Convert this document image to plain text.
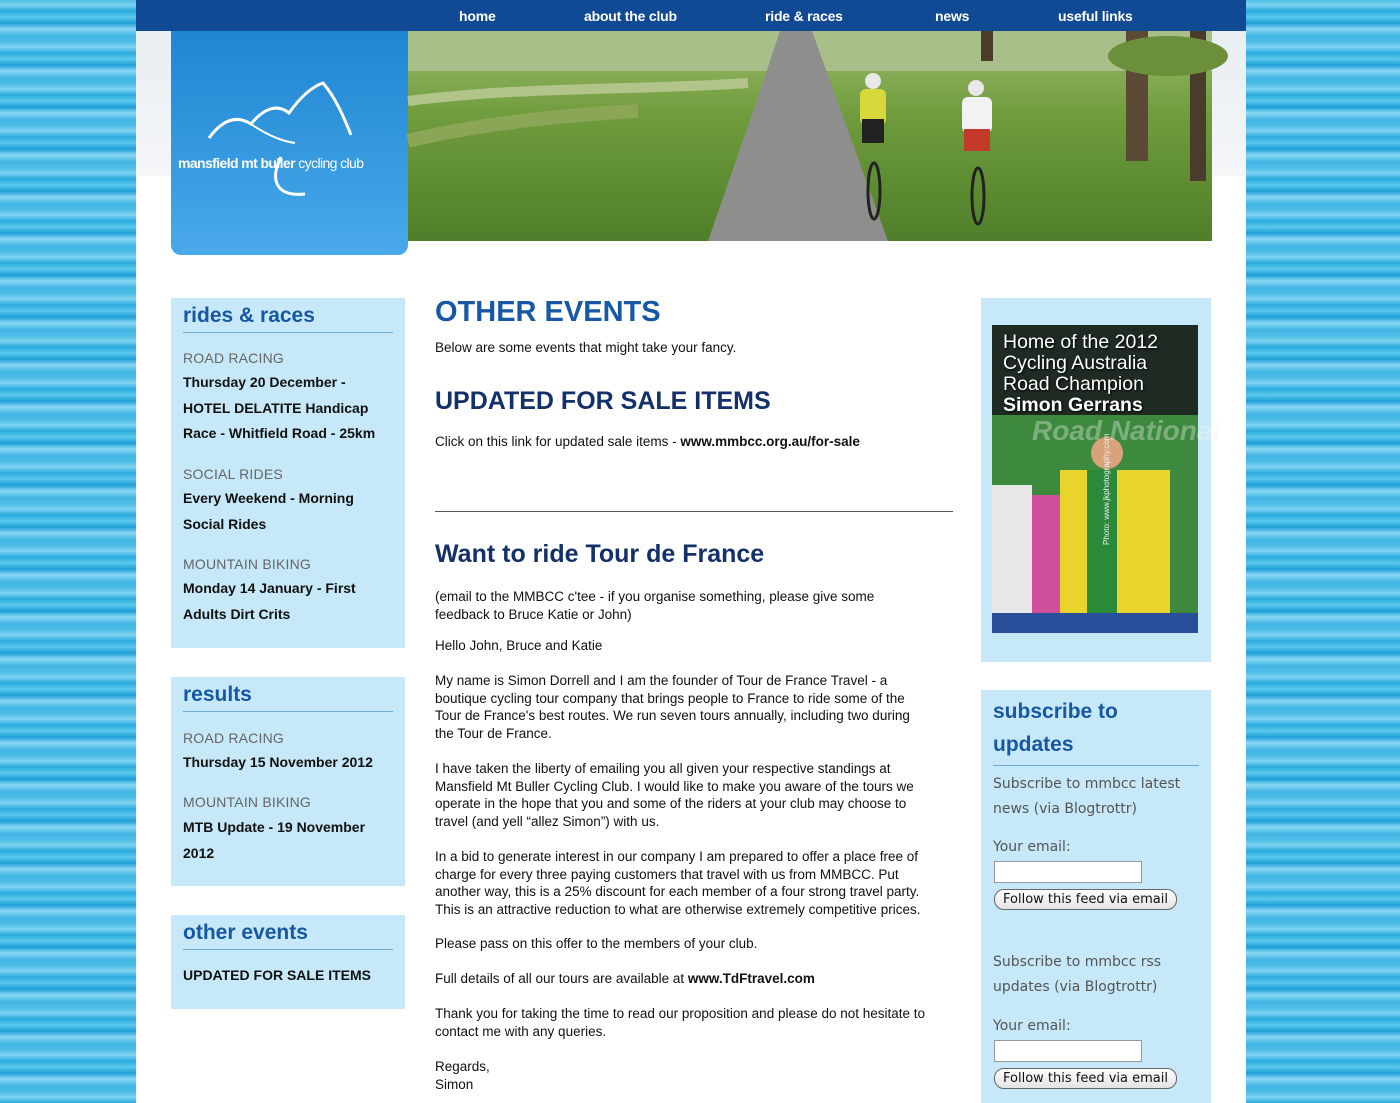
home	about the club	ride & races	news	useful links
mansfield mt buller cycling club
rides & races
ROAD RACING
Thursday 20 December -
HOTEL DELATITE Handicap
Race - Whitfield Road - 25km
SOCIAL RIDES
Every Weekend - Morning
Social Rides
MOUNTAIN BIKING
Monday 14 January - First
Adults Dirt Crits
results
ROAD RACING
Thursday 15 November 2012
MOUNTAIN BIKING
MTB Update - 19 November
2012
other events
UPDATED FOR SALE ITEMS
OTHER EVENTS

Below are some events that might take your fancy.

UPDATED FOR SALE ITEMS

Click on this link for updated sale items - www.mmbcc.org.au/for-sale

Want to ride Tour de France

(email to the MMBCC c'tee - if you organise something, please give some
feedback to Bruce Katie or John)

Hello John, Bruce and Katie

My name is Simon Dorrell and I am the founder of Tour de France Travel - a
boutique cycling tour company that brings people to France to ride some of the
Tour de France's best routes. We run seven tours annually, including two during
the Tour de France.

I have taken the liberty of emailing you all given your respective standings at
Mansfield Mt Buller Cycling Club. I would like to make you aware of the tours we
operate in the hope that you and some of the riders at your club may choose to
travel (and yell “allez Simon”) with us.

In a bid to generate interest in our company I am prepared to offer a place free of
charge for every three paying customers that travel with us from MMBCC. Put
another way, this is a 25% discount for each member of a four strong travel party.
This is an attractive reduction to what are otherwise extremely competitive prices.

Please pass on this offer to the members of your club.

Full details of all our tours are available at www.TdFtravel.com

Thank you for taking the time to read our proposition and please do not hesitate to
contact me with any queries.

Regards,
Simon

Road National
Home of the 2012
Cycling Australia
Road Champion
Simon Gerrans
Photo: www.jkphotography.com
subscribe to
updates
Subscribe to mmbcc latest
news (via Blogtrottr)
Your email:
Follow this feed via email
Subscribe to mmbcc rss
updates (via Blogtrottr)
Your email:
Follow this feed via email
